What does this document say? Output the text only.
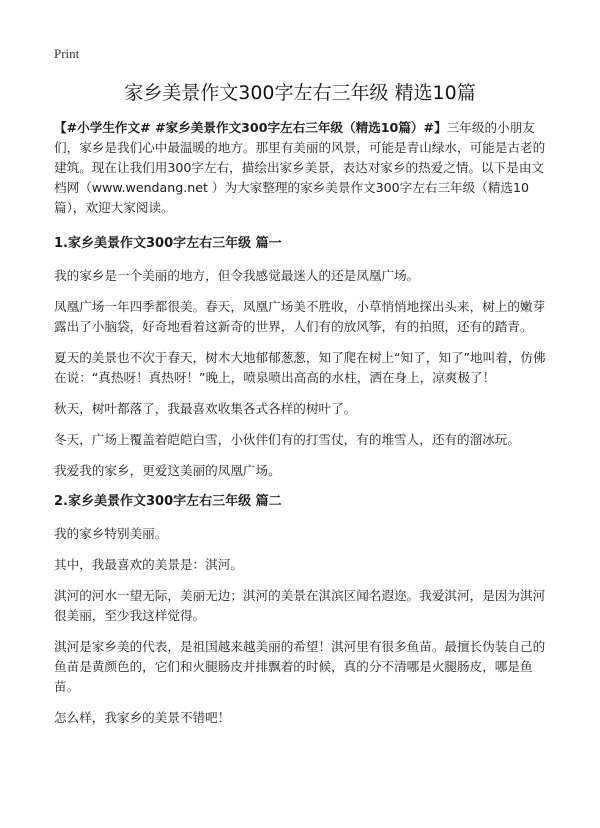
Print
家乡美景作文300字左右三年级 精选10篇

【#小学生作文# #家乡美景作文300字左右三年级（精选10篇）#】三年级的小朋友们，家乡是我们心中最温暖的地方。那里有美丽的风景，可能是青山绿水，可能是古老的建筑。现在让我们用300字左右，描绘出家乡美景，表达对家乡的热爱之情。以下是由文档网（www.wendang.net ）为大家整理的家乡美景作文300字左右三年级（精选10篇），欢迎大家阅读。

1.家乡美景作文300字左右三年级 篇一

我的家乡是一个美丽的地方，但令我感觉最迷人的还是凤凰广场。

凤凰广场一年四季都很美。春天，凤凰广场美不胜收，小草悄悄地探出头来，树上的嫩芽露出了小脑袋，好奇地看着这新奇的世界，人们有的放风筝，有的拍照，还有的踏青。

夏天的美景也不次于春天，树木大地郁郁葱葱，知了爬在树上“知了，知了”地叫着，仿佛在说：“真热呀！真热呀！”晚上，喷泉喷出高高的水柱，洒在身上，凉爽极了！

秋天，树叶都落了，我最喜欢收集各式各样的树叶了。

冬天，广场上覆盖着皑皑白雪，小伙伴们有的打雪仗，有的堆雪人，还有的溜冰玩。

我爱我的家乡，更爱这美丽的凤凰广场。

2.家乡美景作文300字左右三年级 篇二

我的家乡特别美丽。

其中，我最喜欢的美景是：淇河。

淇河的河水一望无际，美丽无边；淇河的美景在淇滨区闻名遐迩。我爱淇河，是因为淇河很美丽，至少我这样觉得。

淇河是家乡美的代表，是祖国越来越美丽的希望！淇河里有很多鱼苗。最擅长伪装自己的鱼苗是黄颜色的，它们和火腿肠皮并排飘着的时候，真的分不清哪是火腿肠皮，哪是鱼苗。

怎么样，我家乡的美景不错吧！
